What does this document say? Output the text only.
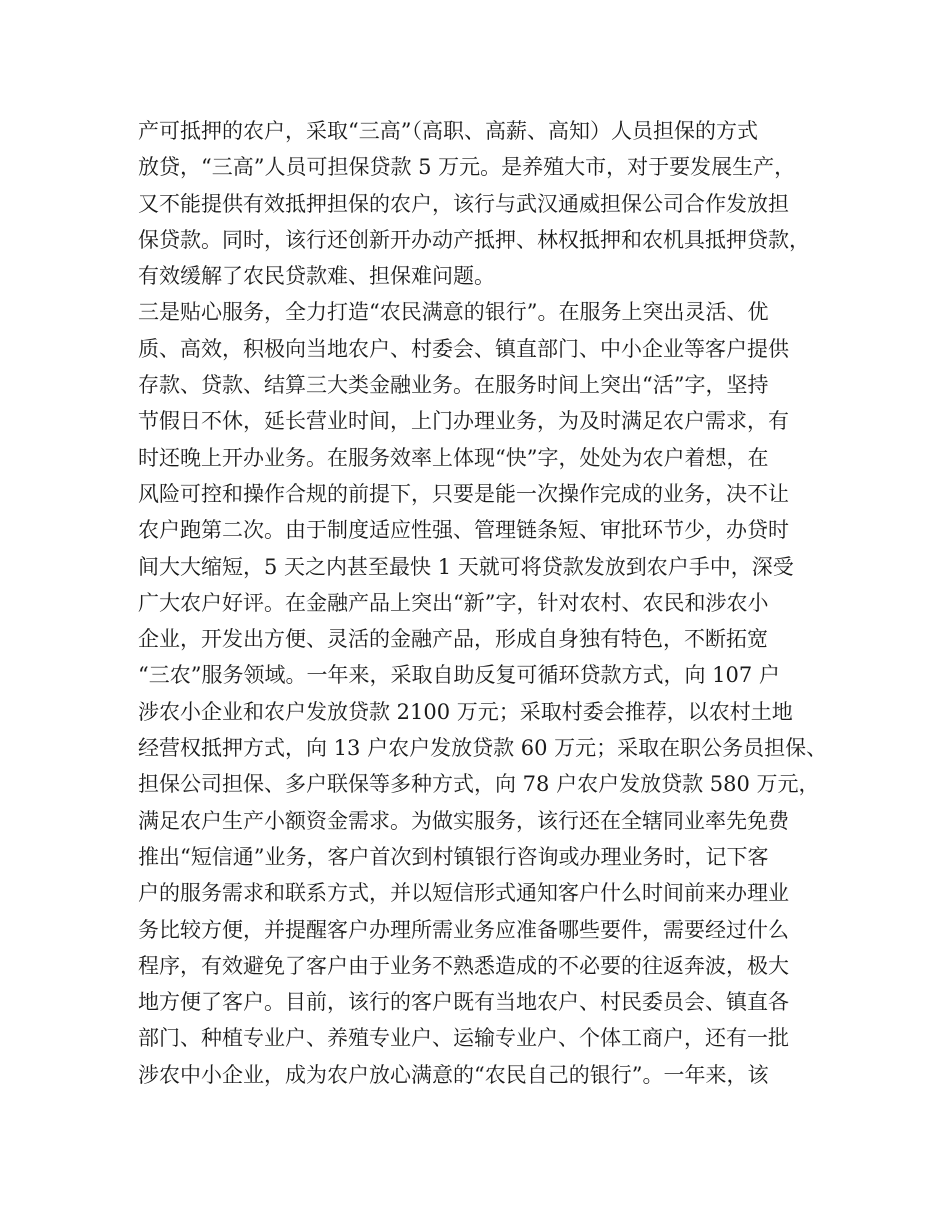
产可抵押的农户，采取“三高”（高职、高薪、高知）人员担保的方式
放贷，“三高”人员可担保贷款 5 万元。是养殖大市，对于要发展生产，
又不能提供有效抵押担保的农户，该行与武汉通威担保公司合作发放担
保贷款。同时，该行还创新开办动产抵押、林权抵押和农机具抵押贷款，
有效缓解了农民贷款难、担保难问题。
三是贴心服务，全力打造“农民满意的银行”。在服务上突出灵活、优
质、高效，积极向当地农户、村委会、镇直部门、中小企业等客户提供
存款、贷款、结算三大类金融业务。在服务时间上突出“活”字，坚持
节假日不休，延长营业时间，上门办理业务，为及时满足农户需求，有
时还晚上开办业务。在服务效率上体现“快”字，处处为农户着想，在
风险可控和操作合规的前提下，只要是能一次操作完成的业务，决不让
农户跑第二次。由于制度适应性强、管理链条短、审批环节少，办贷时
间大大缩短，5 天之内甚至最快 1 天就可将贷款发放到农户手中，深受
广大农户好评。在金融产品上突出“新”字，针对农村、农民和涉农小
企业，开发出方便、灵活的金融产品，形成自身独有特色，不断拓宽
“三农”服务领域。一年来，采取自助反复可循环贷款方式，向 107 户
涉农小企业和农户发放贷款 2100 万元；采取村委会推荐，以农村土地
经营权抵押方式，向 13 户农户发放贷款 60 万元；采取在职公务员担保、
担保公司担保、多户联保等多种方式，向 78 户农户发放贷款 580 万元，
满足农户生产小额资金需求。为做实服务，该行还在全辖同业率先免费
推出“短信通”业务，客户首次到村镇银行咨询或办理业务时，记下客
户的服务需求和联系方式，并以短信形式通知客户什么时间前来办理业
务比较方便，并提醒客户办理所需业务应准备哪些要件，需要经过什么
程序，有效避免了客户由于业务不熟悉造成的不必要的往返奔波，极大
地方便了客户。目前，该行的客户既有当地农户、村民委员会、镇直各
部门、种植专业户、养殖专业户、运输专业户、个体工商户，还有一批
涉农中小企业，成为农户放心满意的“农民自己的银行”。一年来，该
